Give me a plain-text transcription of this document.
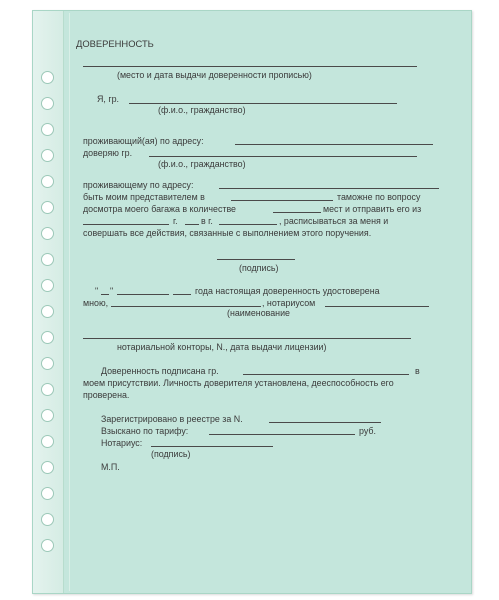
ДОВЕРЕННОСТЬ
(место и дата выдачи доверенности прописью)
Я, гр.
(ф.и.о., гражданство)
проживающий(ая) по адресу:
доверяю гр.
(ф.и.о., гражданство)
проживающему по адресу:
быть моим представителем в	таможне по вопросу
досмотра моего багажа в количестве	мест и отправить его из
г.	в г.	, расписываться за меня и
совершать все действия, связанные с выполнением этого поручения.
(подпись)
" "	года настоящая доверенность удостоверена
мною,	, нотариусом
(наименование
нотариальной конторы, N., дата выдачи лицензии)
Доверенность подписана гр.	в
моем присутствии. Личность доверителя установлена, дееспособность его
проверена.
Зарегистрировано в реестре за N.
Взыскано по тарифу:	руб.
Нотариус:
(подпись)
М.П.
